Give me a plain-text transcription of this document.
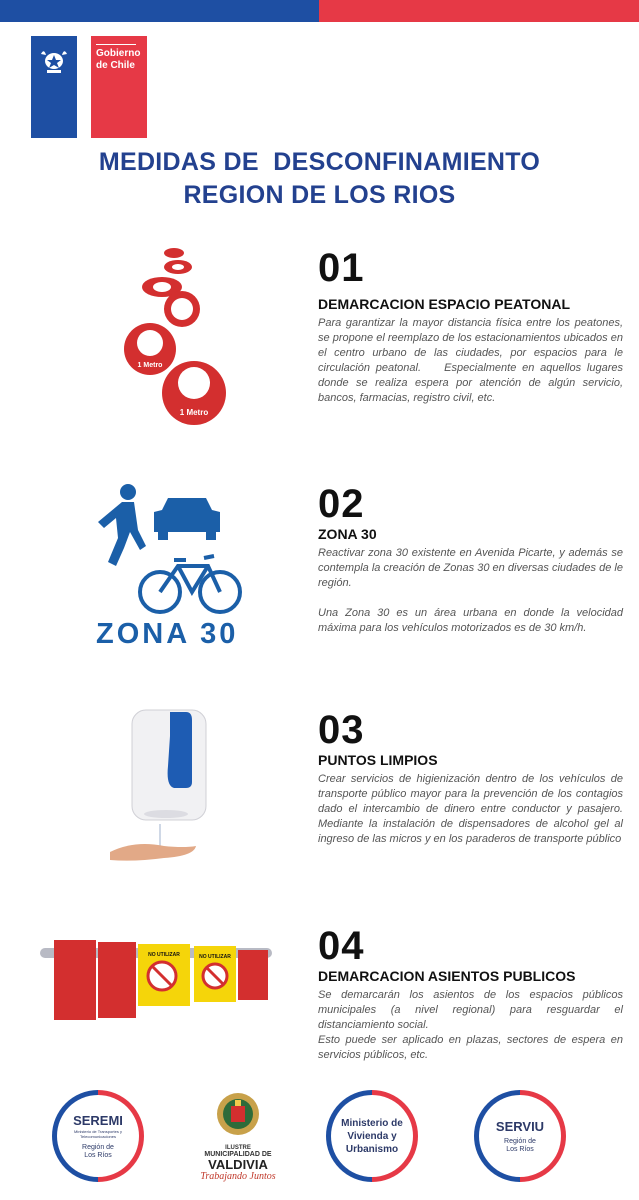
Gobierno
de Chile
MEDIDAS DE  DESCONFINAMIENTO
REGION DE LOS RIOS
1 Metro
1 Metro
1 Metro
01
DEMARCACION ESPACIO PEATONAL

Para garantizar la mayor distancia física entre los peatones, se propone el reemplazo de los estacionamientos ubicados en el centro urbano de las ciudades, por espacios para le  circulación peatonal.    Especialmente en aquellos lugares donde se realiza espera por atención de algún servicio, bancos, farmacias, registro civil, etc.

ZONA 30
02
ZONA 30

Reactivar zona 30 existente en Avenida Picarte, y además se contempla la creación de Zonas 30 en diversas ciudades de le región.

Una Zona 30 es un área urbana en donde la velocidad máxima para los vehículos motorizados es de 30 km/h.

03
PUNTOS LIMPIOS

Crear servicios de higienización dentro de los vehículos de transporte público mayor para la prevención de los contagios dado el intercambio de dinero entre conductor y pasajero.   Mediante la instalación de dispensadores de alcohol gel al ingreso de las micros y en los paraderos de transporte público

NO UTILIZAR	NO UTILIZAR 04
DEMARCACION ASIENTOS PUBLICOS

Se demarcarán los asientos de los espacios públicos municipales (a nivel regional) para resguardar el distanciamiento social.

Esto puede ser aplicado en plazas, sectores de espera en servicios públicos, etc.

SEREMI
Ministerio de Transportes y Telecomunicaciones
Región de Los Ríos
ILUSTRE
MUNICIPALIDAD DE
VALDIVIA
Trabajando Juntos
Ministerio de Vivienda y Urbanismo
SERVIU
Región de Los Ríos
